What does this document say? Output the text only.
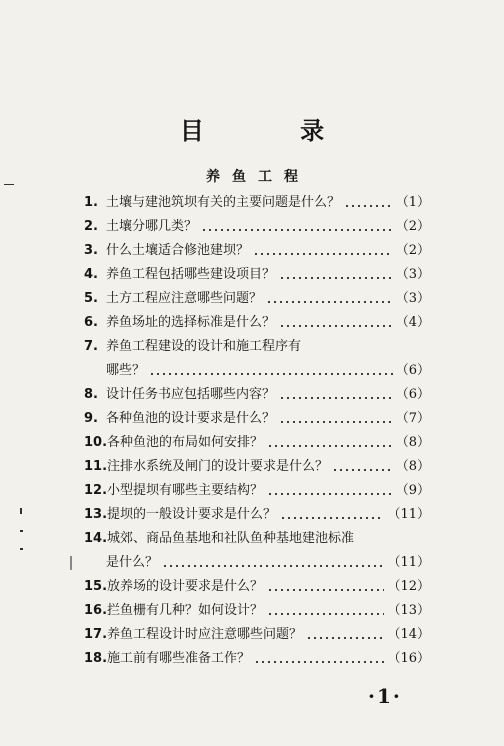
目 录
养鱼工程
1. 土壤与建池筑坝有关的主要问题是什么？	（1）
2. 土壤分哪几类？	（2）
3. 什么土壤适合修池建坝？	（2）
4. 养鱼工程包括哪些建设项目？	（3）
5. 土方工程应注意哪些问题？	（3）
6. 养鱼场址的选择标准是什么？	（4）
7. 养鱼工程建设的设计和施工程序有
哪些？	（6）
8. 设计任务书应包括哪些内容？	（6）
9. 各种鱼池的设计要求是什么？	（7）
10. 各种鱼池的布局如何安排？	（8）
11. 注排水系统及闸门的设计要求是什么？	（8）
12. 小型提坝有哪些主要结构？	（9）
13. 提坝的一般设计要求是什么？	（11）
14. 城郊、商品鱼基地和社队鱼种基地建池标准
是什么？	（11）
15. 放养场的设计要求是什么？	（12）
16. 拦鱼栅有几种？如何设计？	（13）
17. 养鱼工程设计时应注意哪些问题？	（14）
18. 施工前有哪些准备工作？	（16）
·1·
